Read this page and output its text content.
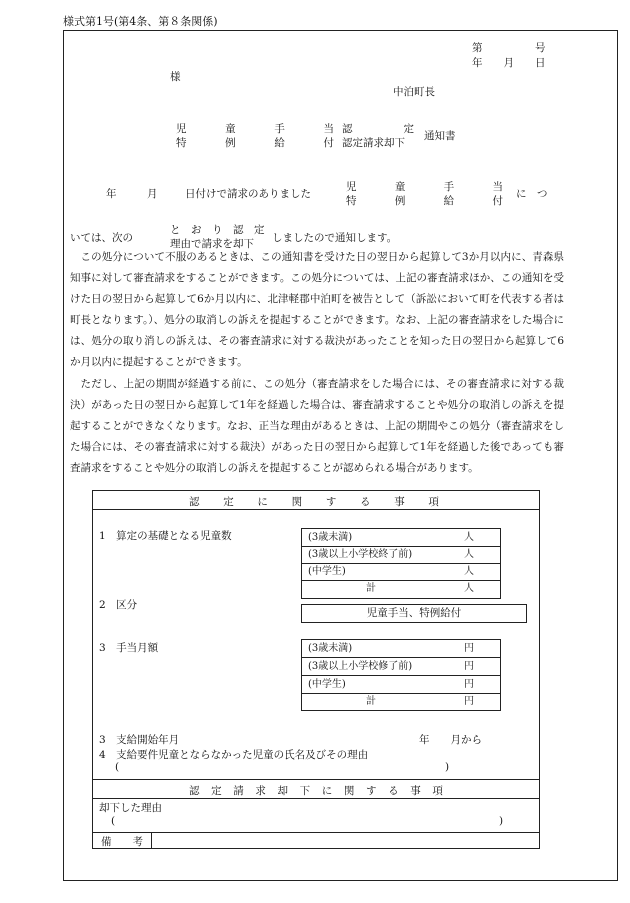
様式第1号(第4条、第８条関係)
第　　　　　号
年　　月　　日
様
中泊町長
児	童	手	当
特	例	給	付
認	定
認定請求却下
通知書
年	月	日付けで請求のありました
児	童	手	当
特	例	給	付
に　つ
いては、次の
と　お　り　認　定
理由で請求を却下 しましたので通知します。

この処分について不服のあるときは、この通知書を受けた日の翌日から起算して3か月以内に、青森県知事に対して審査請求をすることができます。この処分については、上記の審査請求ほか、この通知を受けた日の翌日から起算して6か月以内に、北津軽郡中泊町を被告として（訴訟において町を代表する者は町長となります。）、処分の取消しの訴えを提起することができます。なお、上記の審査請求をした場合には、処分の取り消しの訴えは、その審査請求に対する裁決があったことを知った日の翌日から起算して6か月以内に提起することができます。

ただし、上記の期間が経過する前に、この処分（審査請求をした場合には、その審査請求に対する裁決）があった日の翌日から起算して1年を経過した場合は、審査請求することや処分の取消しの訴えを提起することができなくなります。なお、正当な理由があるときは、上記の期間やこの処分（審査請求をした場合には、その審査請求に対する裁決）があった日の翌日から起算して1年を経過した後であっても審査請求をすることや処分の取消しの訴えを提起することが認められる場合があります。

認 定 に 関 す る 事 項
1　算定の基礎となる児童数	(3歳未満)	人
(3歳以上小学校終了前)	人
(中学生)	人
計	人
2　区分
児童手当、特例給付
3　手当月額	(3歳未満)	円
(3歳以上小学校修了前)	円
(中学生)	円
計	円
3　支給開始年月	年　　月から
4　支給要件児童とならなかった児童の氏名及びその理由
(	)
認 定 請 求 却 下 に 関 す る 事 項
却下した理由
(	)
備　　考
